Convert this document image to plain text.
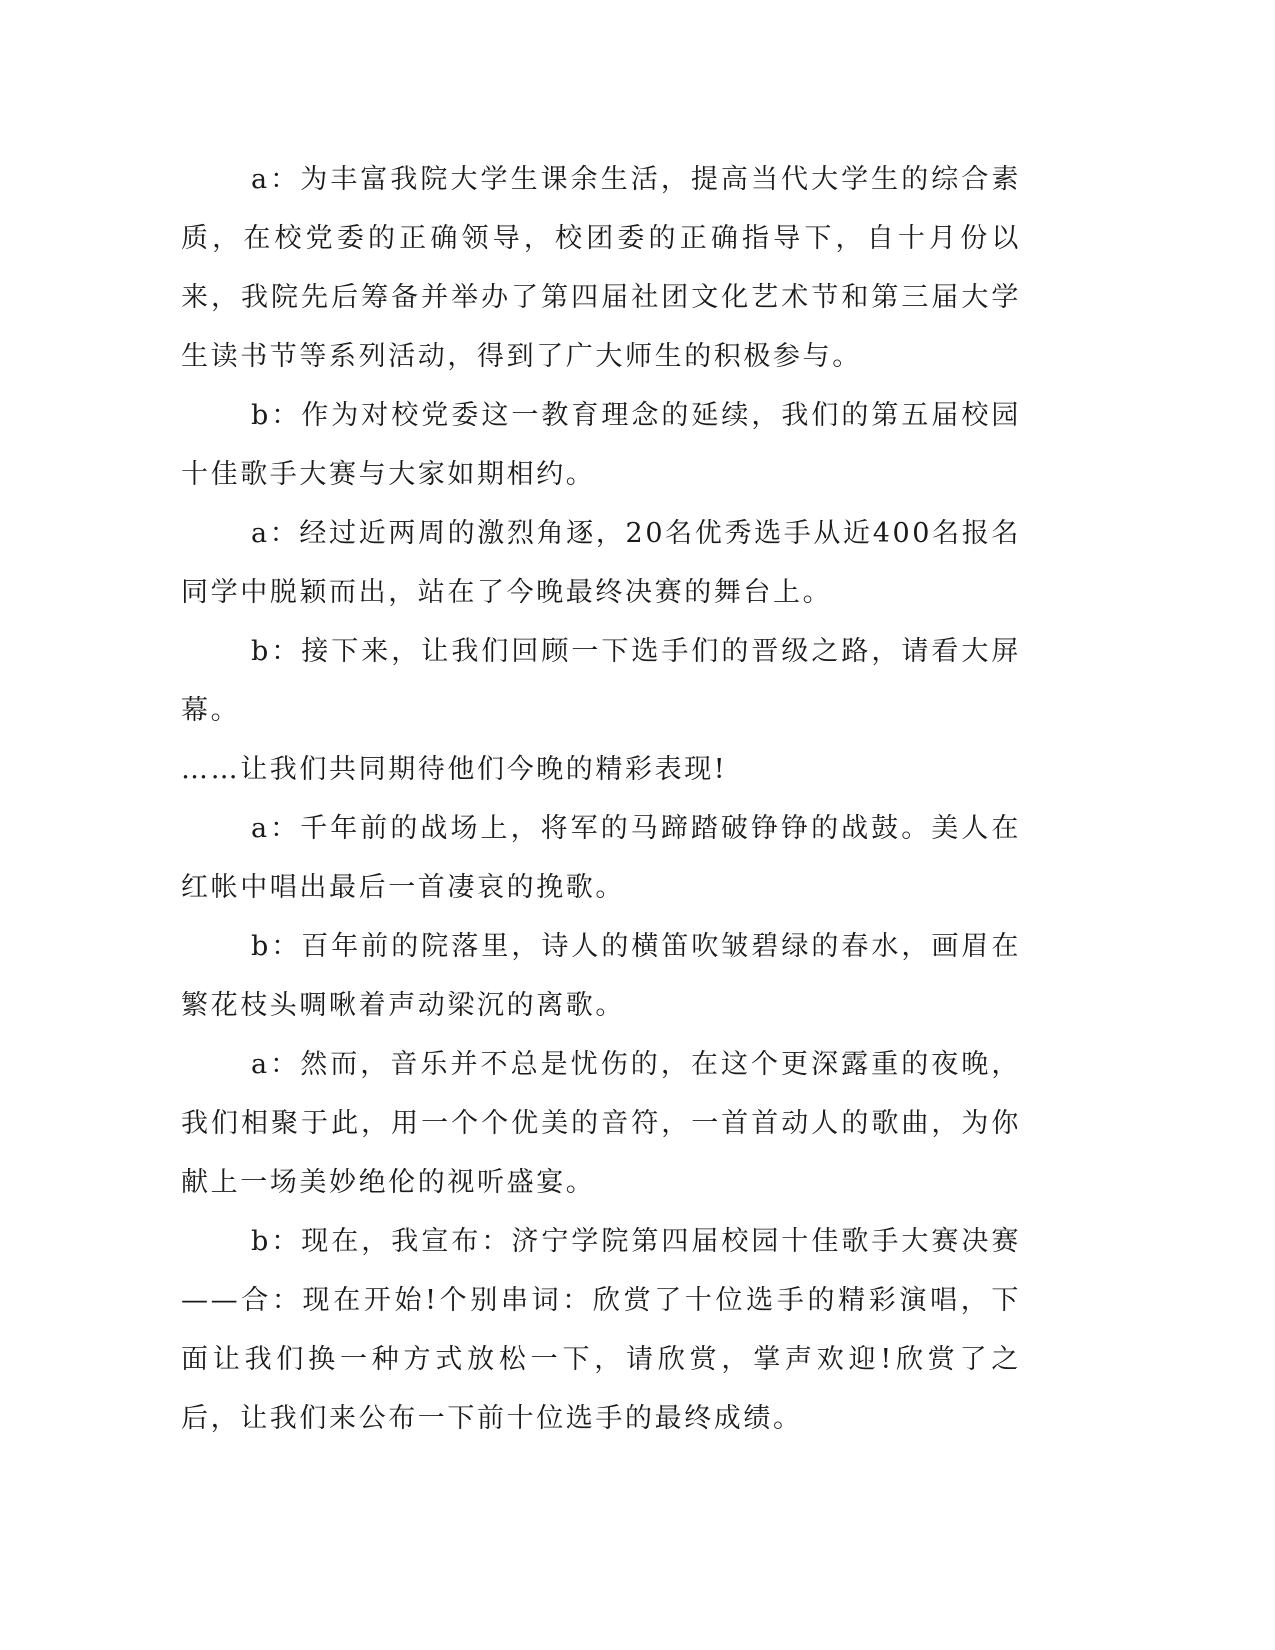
a：为丰富我院大学生课余生活，提高当代大学生的综合素质，在校党委的正确领导，校团委的正确指导下，自十月份以来，我院先后筹备并举办了第四届社团文化艺术节和第三届大学生读书节等系列活动，得到了广大师生的积极参与。

b：作为对校党委这一教育理念的延续，我们的第五届校园十佳歌手大赛与大家如期相约。

a：经过近两周的激烈角逐，20名优秀选手从近400名报名同学中脱颖而出，站在了今晚最终决赛的舞台上。

b：接下来，让我们回顾一下选手们的晋级之路，请看大屏幕。

……让我们共同期待他们今晚的精彩表现!

a：千年前的战场上，将军的马蹄踏破铮铮的战鼓。美人在红帐中唱出最后一首凄哀的挽歌。

b：百年前的院落里，诗人的横笛吹皱碧绿的春水，画眉在繁花枝头啁啾着声动梁沉的离歌。

a：然而，音乐并不总是忧伤的，在这个更深露重的夜晚，我们相聚于此，用一个个优美的音符，一首首动人的歌曲，为你献上一场美妙绝伦的视听盛宴。

b：现在，我宣布：济宁学院第四届校园十佳歌手大赛决赛——合：现在开始!个别串词：欣赏了十位选手的精彩演唱，下面让我们换一种方式放松一下，请欣赏，掌声欢迎!欣赏了之后，让我们来公布一下前十位选手的最终成绩。
